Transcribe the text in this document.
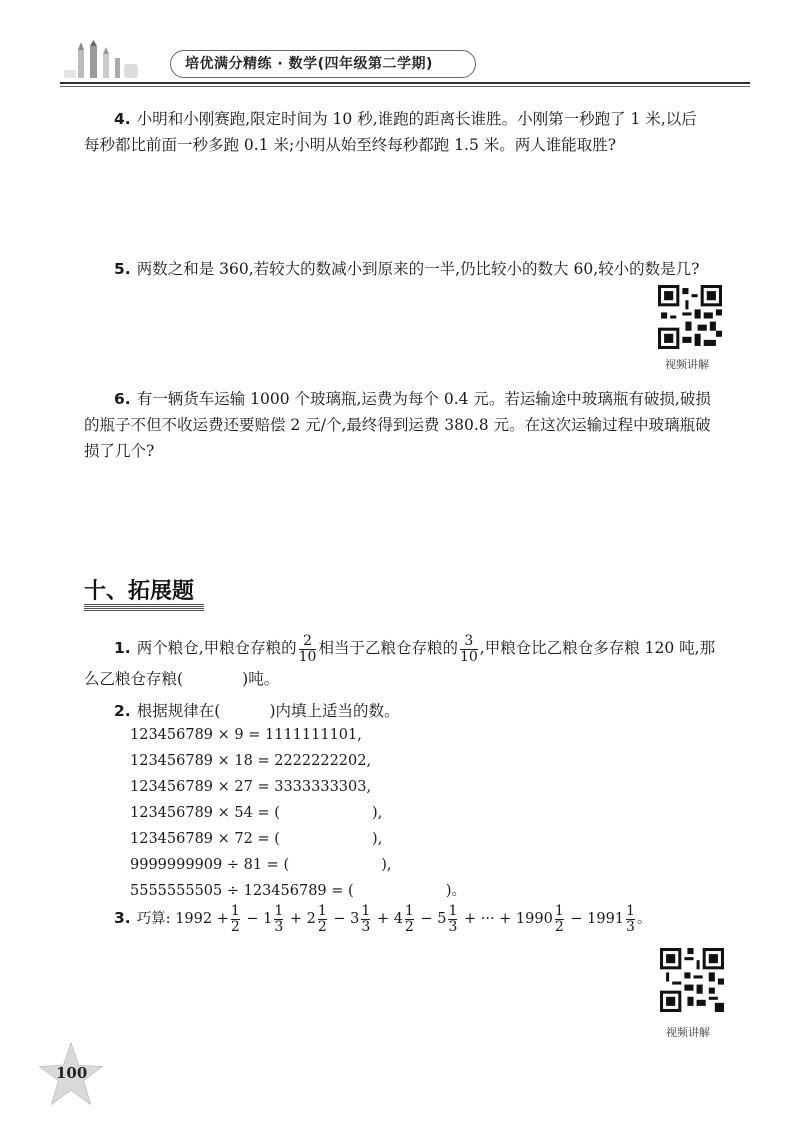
培优满分精练 · 数学(四年级第二学期)

4. 小明和小刚赛跑,限定时间为 10 秒,谁跑的距离长谁胜。小刚第一秒跑了 1 米,以后

每秒都比前面一秒多跑 0.1 米;小明从始至终每秒都跑 1.5 米。两人谁能取胜?

5. 两数之和是 360,若较大的数减小到原来的一半,仍比较小的数大 60,较小的数是几?

视频讲解

6. 有一辆货车运输 1000 个玻璃瓶,运费为每个 0.4 元。若运输途中玻璃瓶有破损,破损

的瓶子不但不收运费还要赔偿 2 元/个,最终得到运费 380.8 元。在这次运输过程中玻璃瓶破

损了几个?

十、拓展题

1. 两个粮仓,甲粮仓存粮的 $\frac{2}{10}$ 相当于乙粮仓存粮的 $\frac{3}{10}$ ,甲粮仓比乙粮仓多存粮 120 吨,那

么乙粮仓存粮(            )吨。

2. 根据规律在(          )内填上适当的数。

123456789 × 9 = 1111111101,
123456789 × 18 = 2222222202,
123456789 × 27 = 3333333303,
123456789 × 54 = (                    ),
123456789 × 72 = (                    ),
9999999909 ÷ 81 = (                    ),
5555555505 ÷ 123456789 = (                    )。

3. 巧算: $1992 + \frac{1}{2} - 1 \frac{1}{3} + 2 \frac{1}{2} - 3 \frac{1}{3} + 4 \frac{1}{2} - 5 \frac{1}{3}$ + ··· + $1990 \frac{1}{2} - 1991 \frac{1}{3}$ 。

视频讲解
100
